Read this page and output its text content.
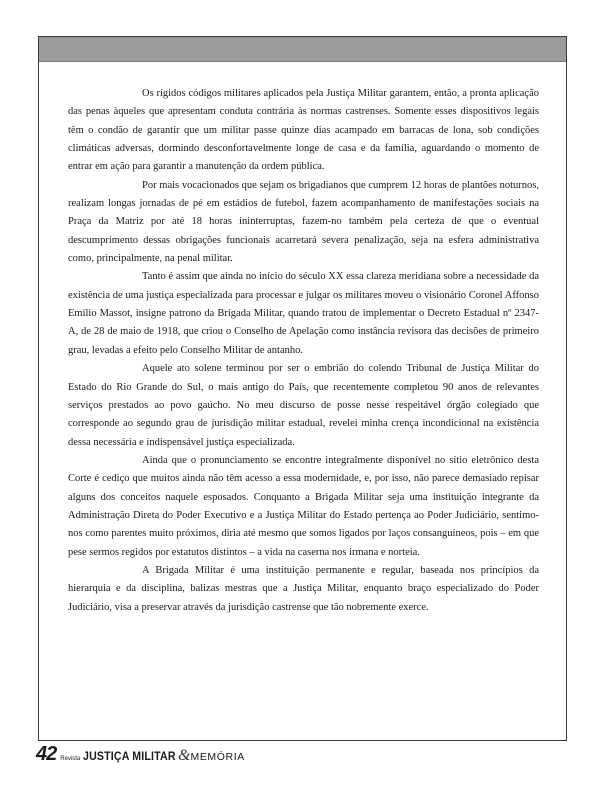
Os rígidos códigos militares aplicados pela Justiça Militar garantem, então, a pronta aplicação das penas àqueles que apresentam conduta contrária às normas castrenses. Somente esses dispositivos legais têm o condão de garantir que um militar passe quinze dias acampado em barracas de lona, sob condições climáticas adversas, dormindo desconfortavelmente longe de casa e da família, aguardando o momento de entrar em ação para garantir a manutenção da ordem pública.

Por mais vocacionados que sejam os brigadianos que cumprem 12 horas de plantões noturnos, realizam longas jornadas de pé em estádios de futebol, fazem acompanhamento de manifestações sociais na Praça da Matriz por até 18 horas ininterruptas, fazem-no também pela certeza de que o eventual descumprimento dessas obrigações funcionais acarretará severa penalização, seja na esfera administrativa como, principalmente, na penal militar.

Tanto é assim que ainda no início do século XX essa clareza meridiana sobre a necessidade da existência de uma justiça especializada para processar e julgar os militares moveu o visionário Coronel Affonso Emílio Massot, insigne patrono da Brigada Militar, quando tratou de implementar o Decreto Estadual nº 2347-A, de 28 de maio de 1918, que criou o Conselho de Apelação como instância revisora das decisões de primeiro grau, levadas a efeito pelo Conselho Militar de antanho.

Aquele ato solene terminou por ser o embrião do colendo Tribunal de Justiça Militar do Estado do Rio Grande do Sul, o mais antigo do País, que recentemente completou 90 anos de relevantes serviços prestados ao povo gaúcho. No meu discurso de posse nesse respeitável órgão colegiado que corresponde ao segundo grau de jurisdição militar estadual, revelei minha crença incondicional na existência dessa necessária e indispensável justiça especializada.

Ainda que o pronunciamento se encontre integralmente disponível no sítio eletrônico desta Corte é cediço que muitos ainda não têm acesso a essa modernidade, e, por isso, não parece demasiado repisar alguns dos conceitos naquele esposados. Conquanto a Brigada Militar seja uma instituição integrante da Administração Direta do Poder Executivo e a Justiça Militar do Estado pertença ao Poder Judiciário, sentimo-nos como parentes muito próximos, diria até mesmo que somos ligados por laços consanguíneos, pois – em que pese sermos regidos por estatutos distintos – a vida na caserna nos irmana e norteia.

A Brigada Militar é uma instituição permanente e regular, baseada nos princípios da hierarquia e da disciplina, balizas mestras que a Justiça Militar, enquanto braço especializado do Poder Judiciário, visa a preservar através da jurisdição castrense que tão nobremente exerce.

42 Revista JUSTIÇA MILITAR & MEMÓRIA
